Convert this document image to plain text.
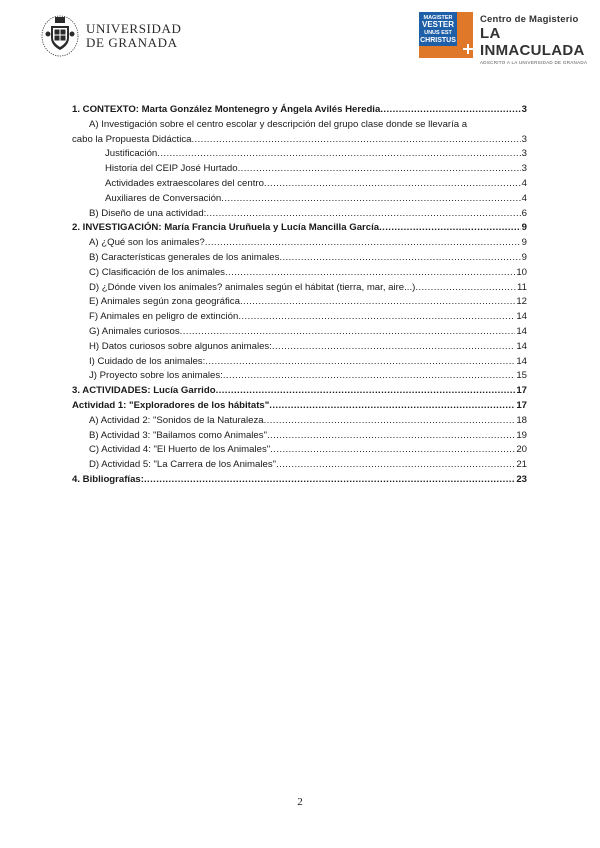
UNIVERSIDAD
DE GRANADA
MAGISTER
VESTER
UNUS EST
CHRISTUS
Centro de Magisterio
LA INMACULADA
ADSCRITO A LA UNIVERSIDAD DE GRANADA
1. CONTEXTO: Marta González Montenegro y Ángela Avilés Heredia .....	3
A) Investigación sobre el centro escolar y descripción del grupo clase donde se llevaría a
cabo la Propuesta Didáctica .....	3
Justificación .....	3
Historia del CEIP José Hurtado .....	3
Actividades extraescolares del centro .....	4
Auxiliares de Conversación .....	4
B) Diseño de una actividad: .....	6
2. INVESTIGACIÓN: María Francia Uruñuela y Lucía Mancilla García .....	9
A) ¿Qué son los animales? .....	9
B) Características generales de los animales .....	9
C) Clasificación de los animales .....	10
D) ¿Dónde viven los animales? animales según el hábitat (tierra, mar, aire...) .....	11
E) Animales según zona geográfica .....	12
F) Animales en peligro de extinción .....	14
G) Animales curiosos .....	14
H) Datos curiosos sobre algunos animales: .....	14
I) Cuidado de los animales: .....	14
J) Proyecto sobre los animales: .....	15
3. ACTIVIDADES: Lucía Garrido .....	17
Actividad 1: "Exploradores de los hábitats" .....	17
A) Actividad 2: "Sonidos de la Naturaleza .....	18
B) Actividad 3: "Bailamos como Animales" .....	19
C) Actividad 4: "El Huerto de los Animales" .....	20
D) Actividad 5: "La Carrera de los Animales" .....	21
4. Bibliografías: .....	23
2
